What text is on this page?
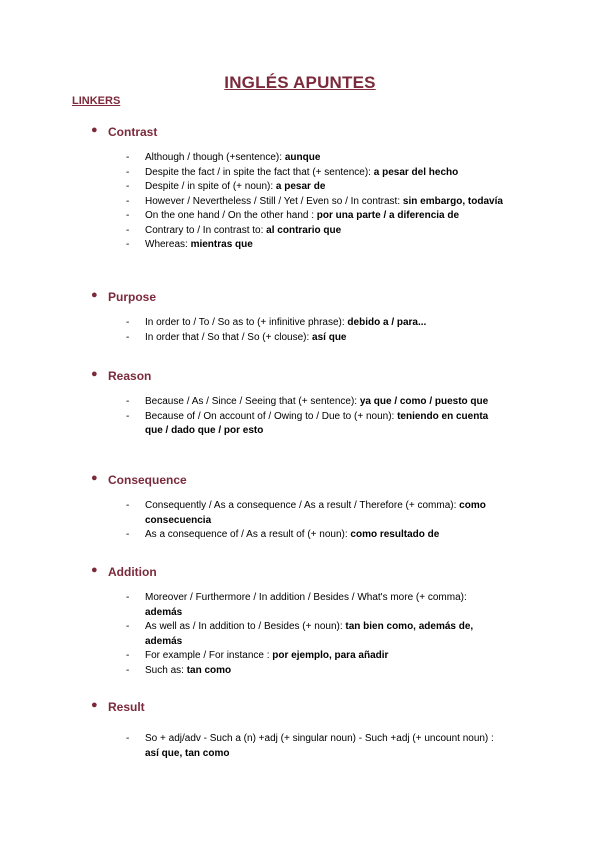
INGLÉS APUNTES
LINKERS
● Contrast
- Although / though (+sentence): aunque
- Despite the fact / in spite the fact that (+ sentence): a pesar del hecho
- Despite / in spite of (+ noun): a pesar de
- However / Nevertheless / Still / Yet / Even so / In contrast: sin embargo, todavía
- On the one hand / On the other hand : por una parte / a diferencia de
- Contrary to / In contrast to: al contrario que
- Whereas: mientras que
● Purpose
- In order to / To / So as to (+ infinitive phrase): debido a / para...
- In order that / So that / So (+ clouse): así que
● Reason
- Because / As / Since / Seeing that (+ sentence): ya que / como / puesto que
- Because of / On account of / Owing to / Due to (+ noun): teniendo en cuenta que / dado que / por esto
● Consequence
- Consequently / As a consequence / As a result / Therefore (+ comma): como consecuencia
- As a consequence of / As a result of (+ noun): como resultado de
● Addition
- Moreover / Furthermore / In addition / Besides / What's more (+ comma): además
- As well as / In addition to / Besides (+ noun): tan bien como, además de, además
- For example / For instance : por ejemplo, para añadir
- Such as: tan como
● Result
- So + adj/adv - Such a (n) +adj (+ singular noun) - Such +adj (+ uncount noun) : así que, tan como
